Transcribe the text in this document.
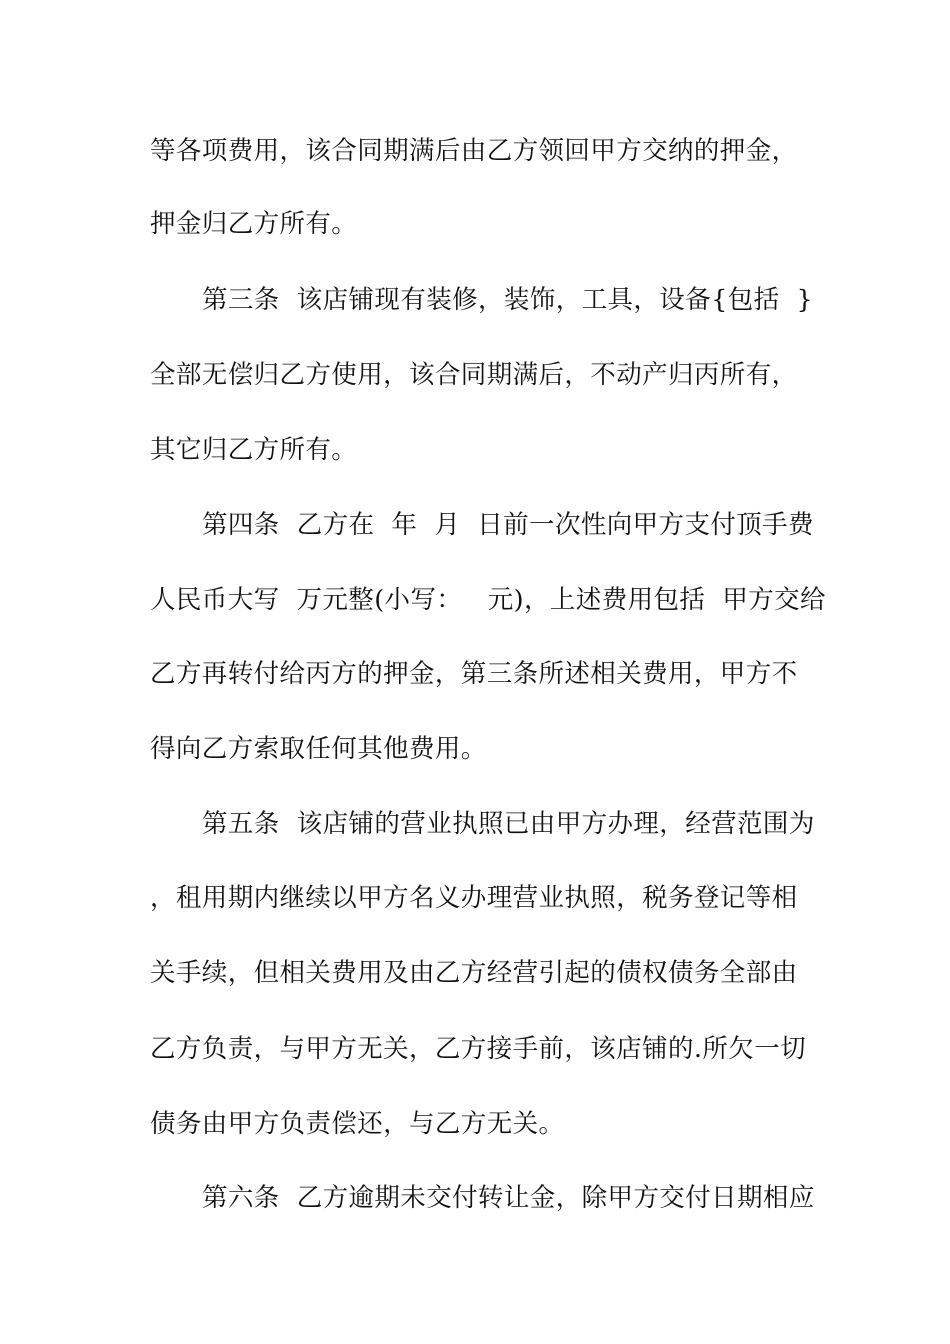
等各项费用，该合同期满后由乙方领回甲方交纳的押金，
押金归乙方所有。
第三条  该店铺现有装修，装饰，工具，设备{包括  }
全部无偿归乙方使用，该合同期满后，不动产归丙所有，
其它归乙方所有。
第四条  乙方在  年  月  日前一次性向甲方支付顶手费
人民币大写  万元整(小写：   元)，上述费用包括  甲方交给
乙方再转付给丙方的押金，第三条所述相关费用，甲方不
得向乙方索取任何其他费用。
第五条  该店铺的营业执照已由甲方办理，经营范围为
，租用期内继续以甲方名义办理营业执照，税务登记等相
关手续，但相关费用及由乙方经营引起的债权债务全部由
乙方负责，与甲方无关，乙方接手前，该店铺的.所欠一切
债务由甲方负责偿还，与乙方无关。
第六条  乙方逾期未交付转让金，除甲方交付日期相应
